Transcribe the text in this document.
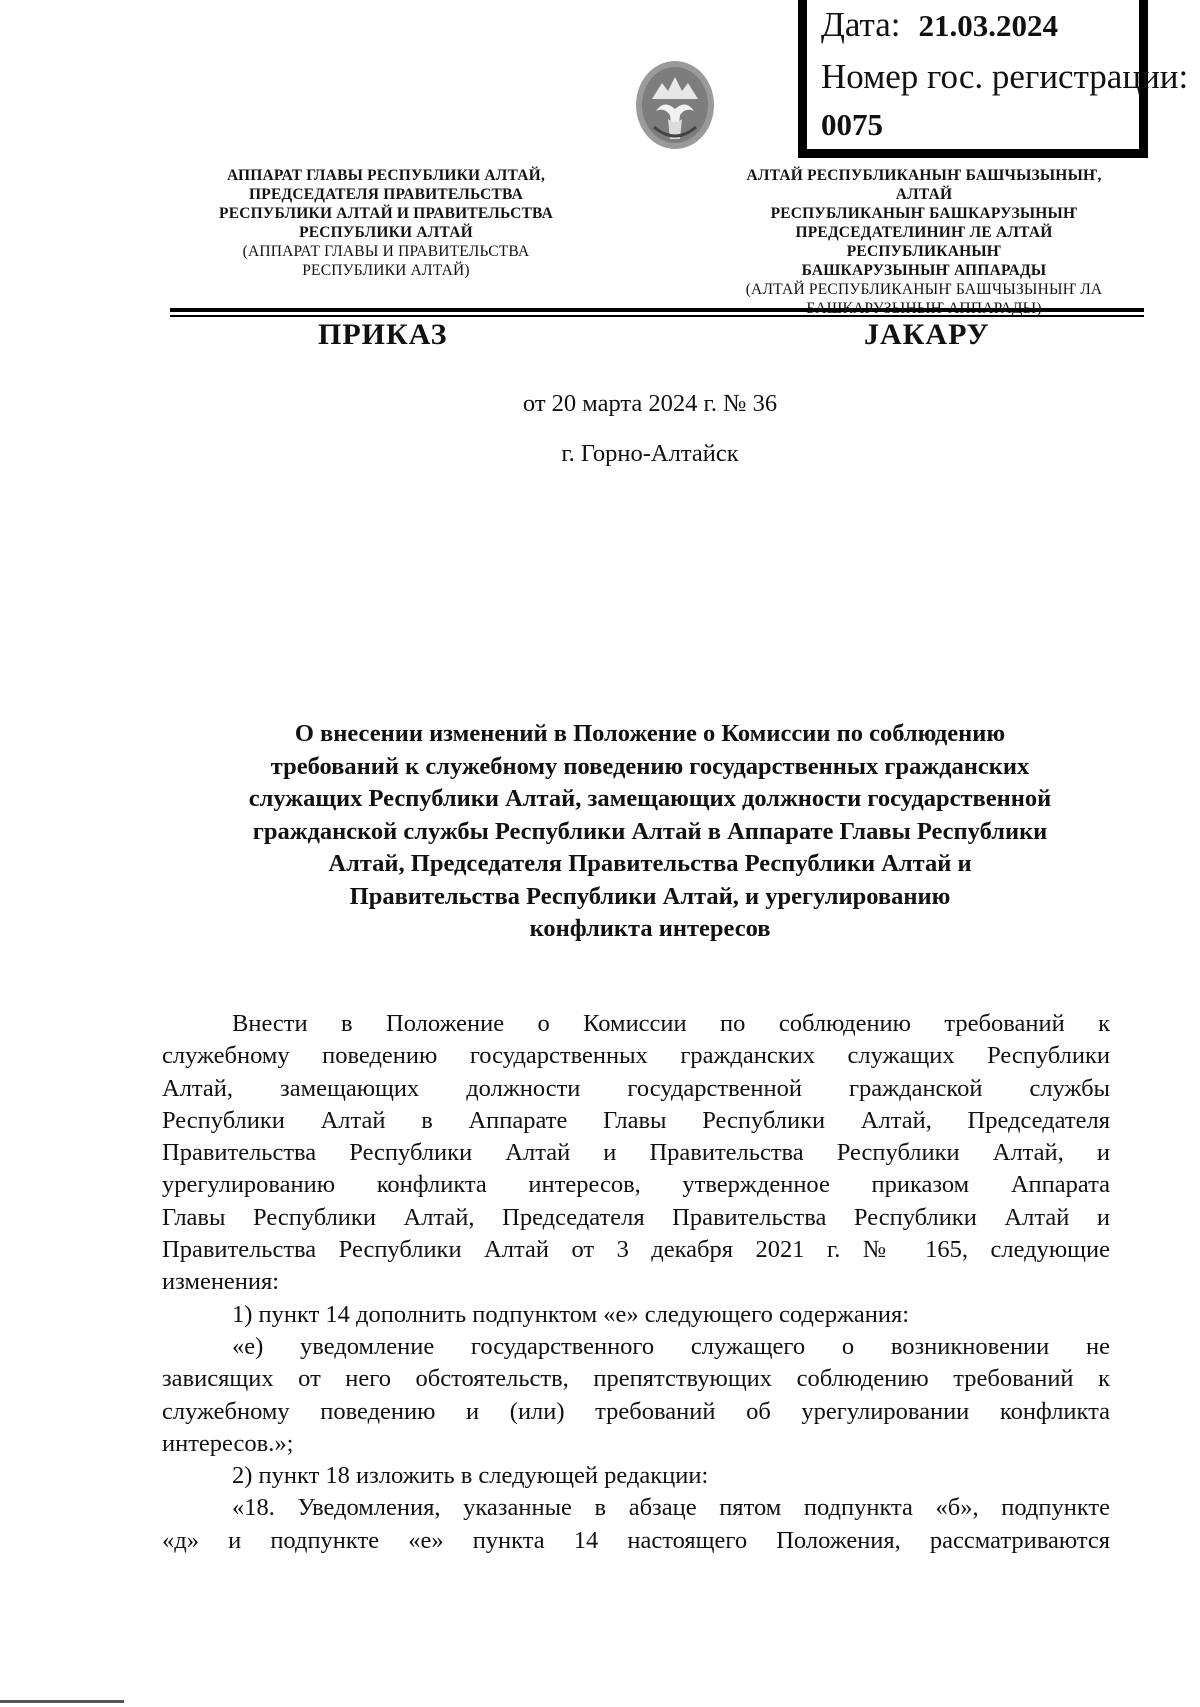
Дата: 21.03.2024
Номер гос. регистрации:
0075
АППАРАТ ГЛАВЫ РЕСПУБЛИКИ АЛТАЙ,
ПРЕДСЕДАТЕЛЯ ПРАВИТЕЛЬСТВА
РЕСПУБЛИКИ АЛТАЙ И ПРАВИТЕЛЬСТВА
РЕСПУБЛИКИ АЛТАЙ
(АППАРАТ ГЛАВЫ И ПРАВИТЕЛЬСТВА
РЕСПУБЛИКИ АЛТАЙ)
АЛТАЙ РЕСПУБЛИКАНЫҤ БАШЧЫЗЫНЫҤ, АЛТАЙ
РЕСПУБЛИКАНЫҤ БАШКАРУЗЫНЫҤ
ПРЕДСЕДАТЕЛИНИҤ ЛЕ АЛТАЙ РЕСПУБЛИКАНЫҤ
БАШКАРУЗЫНЫҤ АППАРАДЫ
(АЛТАЙ РЕСПУБЛИКАНЫҤ БАШЧЫЗЫНЫҤ ЛА
ПРИКАЗ	JАКАРУ
от 20 марта 2024 г. № 36
г. Горно-Алтайск
О внесении изменений в Положение о Комиссии по соблюдению
требований к служебному поведению государственных гражданских
служащих Республики Алтай, замещающих должности государственной
гражданской службы Республики Алтай в Аппарате Главы Республики
Алтай, Председателя Правительства Республики Алтай и
Правительства Республики Алтай, и урегулированию
конфликта интересов

Внести в Положение о Комиссии по соблюдению требований к

служебному поведению государственных гражданских служащих Республики

Алтай, замещающих должности государственной гражданской службы

Республики Алтай в Аппарате Главы Республики Алтай, Председателя

Правительства Республики Алтай и Правительства Республики Алтай, и

урегулированию конфликта интересов, утвержденное приказом Аппарата

Главы Республики Алтай, Председателя Правительства Республики Алтай и

Правительства Республики Алтай от 3 декабря 2021 г. № 165, следующие

изменения:

1) пункт 14 дополнить подпунктом «е» следующего содержания:

«е) уведомление государственного служащего о возникновении не

зависящих от него обстоятельств, препятствующих соблюдению требований к

служебному поведению и (или) требований об урегулировании конфликта

интересов.»;

2) пункт 18 изложить в следующей редакции:

«18. Уведомления, указанные в абзаце пятом подпункта «б», подпункте

«д» и подпункте «е» пункта 14 настоящего Положения, рассматриваются
